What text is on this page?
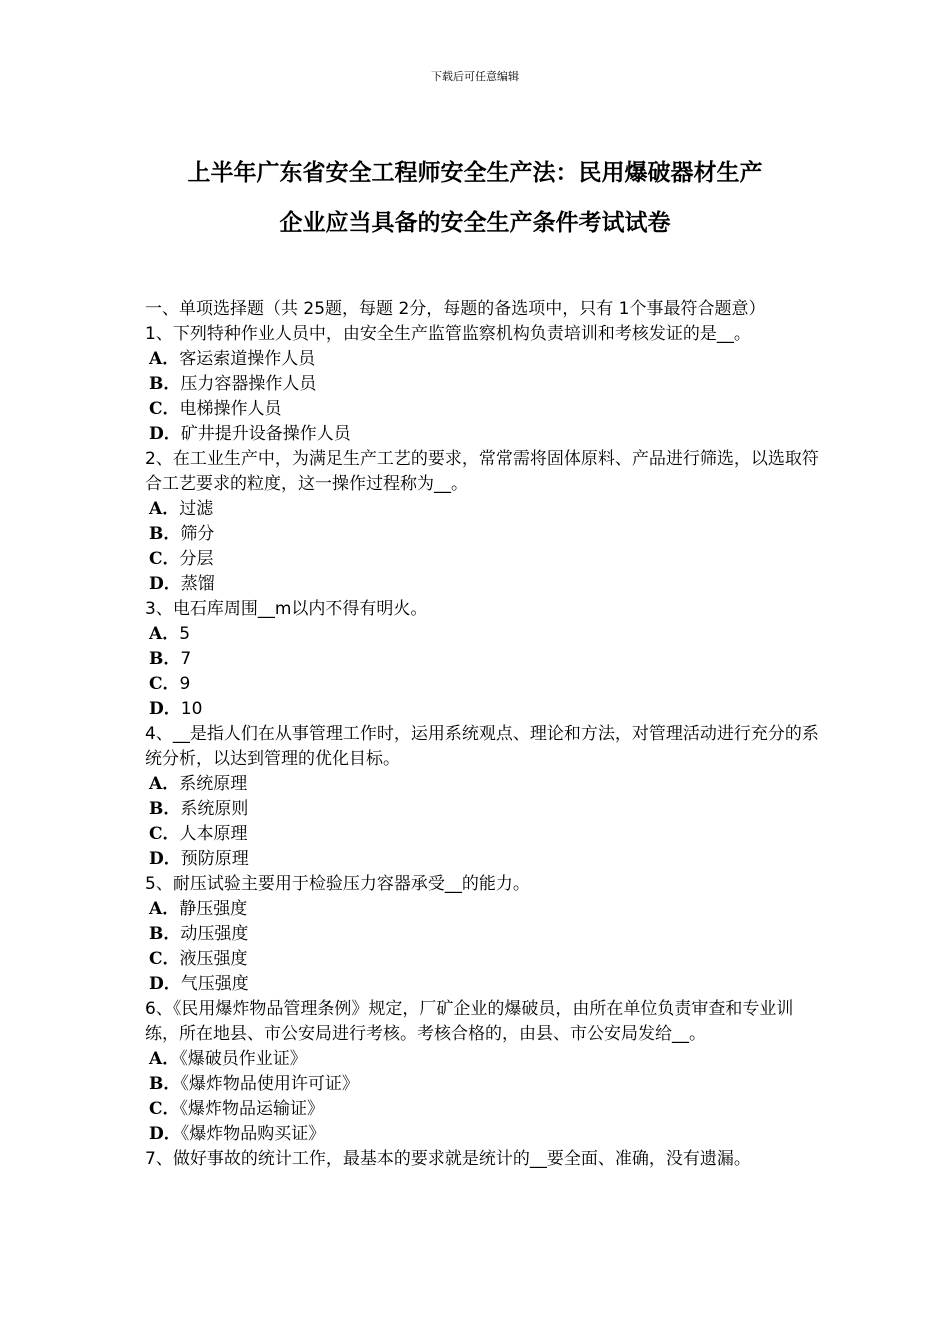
下载后可任意编辑
上半年广东省安全工程师安全生产法：民用爆破器材生产
企业应当具备的安全生产条件考试试卷

一、单项选择题（共 25题，每题 2分，每题的备选项中，只有 1个事最符合题意）

1、下列特种作业人员中，由安全生产监管监察机构负责培训和考核发证的是__。

A．客运索道操作人员

B．压力容器操作人员

C．电梯操作人员

D．矿井提升设备操作人员

2、在工业生产中，为满足生产工艺的要求，常常需将固体原料、产品进行筛选，以选取符合工艺要求的粒度，这一操作过程称为__。

A．过滤

B．筛分

C．分层

D．蒸馏

3、电石库周围__m以内不得有明火。

A．5

B．7

C．9

D．10

4、__是指人们在从事管理工作时，运用系统观点、理论和方法，对管理活动进行充分的系统分析，以达到管理的优化目标。

A．系统原理

B．系统原则

C．人本原理

D．预防原理

5、耐压试验主要用于检验压力容器承受__的能力。

A．静压强度

B．动压强度

C．液压强度

D．气压强度

6、《民用爆炸物品管理条例》规定，厂矿企业的爆破员，由所在单位负责审查和专业训练，所在地县、市公安局进行考核。考核合格的，由县、市公安局发给__。

A．《爆破员作业证》

B．《爆炸物品使用许可证》

C．《爆炸物品运输证》

D．《爆炸物品购买证》

7、做好事故的统计工作，最基本的要求就是统计的__要全面、准确，没有遗漏。
